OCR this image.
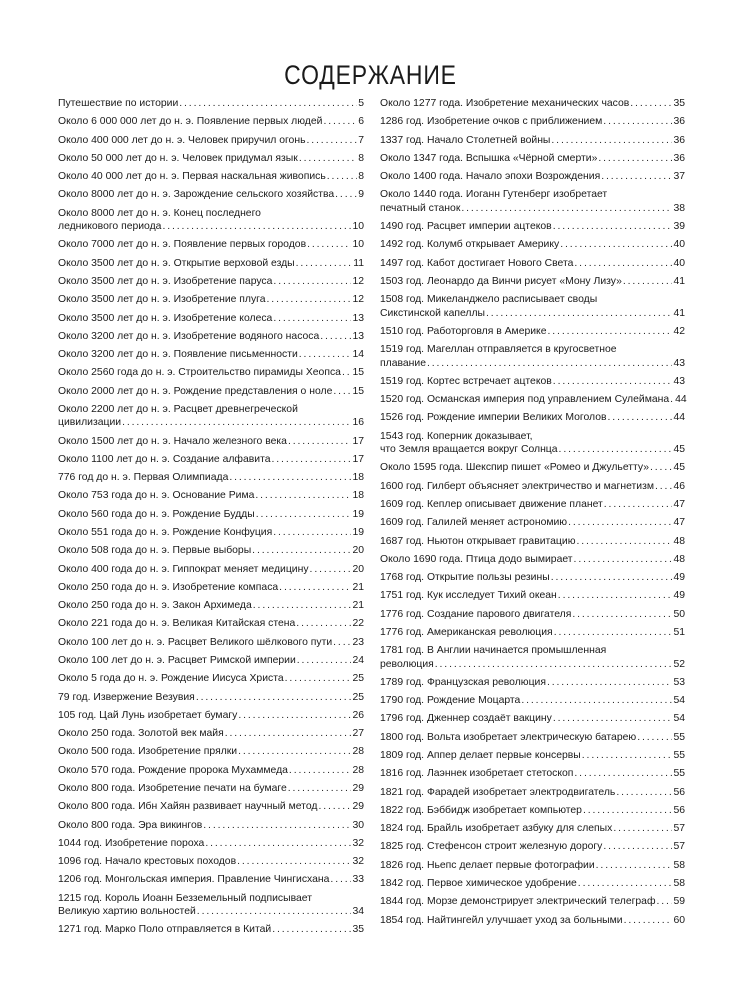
СОДЕРЖАНИЕ
Путешествие по истории . . .	5
Около 6 000 000 лет до н. э. Появление первых людей . . .	6
Около 400 000 лет до н. э. Человек приручил огонь . . .	7
Около 50 000 лет до н. э. Человек придумал язык . . .	8
Около 40 000 лет до н. э. Первая наскальная живопись . . .	8
Около 8000 лет до н. э. Зарождение сельского хозяйства . . . 9
Около 8000 лет до н. э. Конец последнего
ледникового периода . . .	10
Около 7000 лет до н. э. Появление первых городов . . .	10
Около 3500 лет до н. э. Открытие верховой езды . . .	11
Около 3500 лет до н. э. Изобретение паруса . . .	12
Около 3500 лет до н. э. Изобретение плуга . . .	12
Около 3500 лет до н. э. Изобретение колеса . . .	13
Около 3200 лет до н. э. Изобретение водяного насоса . . .	13
Около 3200 лет до н. э. Появление письменности . . .	14
Около 2560 года до н. э. Строительство пирамиды Хеопса . . . 15
Около 2000 лет до н. э. Рождение представления о ноле . . . 15
Около 2200 лет до н. э. Расцвет древнегреческой
цивилизации . . .	16
Около 1500 лет до н. э. Начало железного века . . .	17
Около 1100 лет до н. э. Создание алфавита . . .	17
776 год до н. э. Первая Олимпиада . . .	18
Около 753 года до н. э. Основание Рима . . .	18
Около 560 года до н. э. Рождение Будды . . .	19
Около 551 года до н. э. Рождение Конфуция . . .	19
Около 508 года до н. э. Первые выборы . . .	20
Около 400 года до н. э. Гиппократ меняет медицину . . .	20
Около 250 года до н. э. Изобретение компаса . . .	21
Около 250 года до н. э. Закон Архимеда . . .	21
Около 221 года до н. э. Великая Китайская стена . . .	22
Около 100 лет до н. э. Расцвет Великого шёлкового пути . . . 23
Около 100 лет до н. э. Расцвет Римской империи . . .	24
Около 5 года до н. э. Рождение Иисуса Христа . . .	25
79 год. Извержение Везувия . . .	25
105 год. Цай Лунь изобретает бумагу . . .	26
Около 250 года. Золотой век майя . . .	27
Около 500 года. Изобретение прялки . . .	28
Около 570 года. Рождение пророка Мухаммеда . . .	28
Около 800 года. Изобретение печати на бумаге . . .	29
Около 800 года. Ибн Хайян развивает научный метод . . .	29
Около 800 года. Эра викингов . . .	30
1044 год. Изобретение пороха . . .	32
1096 год. Начало крестовых походов . . .	32
1206 год. Монгольская империя. Правление Чингисхана . . . 33
1215 год. Король Иоанн Безземельный подписывает
Великую хартию вольностей . . .	34
1271 год. Марко Поло отправляется в Китай . . .	35
Около 1277 года. Изобретение механических часов . . .	35
1286 год. Изобретение очков с приближением . . .	36
1337 год. Начало Столетней войны . . .	36
Около 1347 года. Вспышка «Чёрной смерти» . . .	36
Около 1400 года. Начало эпохи Возрождения . . .	37
Около 1440 года. Иоганн Гутенберг изобретает
печатный станок . . .	38
1490 год. Расцвет империи ацтеков . . .	39
1492 год. Колумб открывает Америку . . .	40
1497 год. Кабот достигает Нового Света . . .	40
1503 год. Леонардо да Винчи рисует «Мону Лизу» . . .	41
1508 год. Микеланджело расписывает своды
Сикстинской капеллы . . .	41
1510 год. Работорговля в Америке . . .	42
1519 год. Магеллан отправляется в кругосветное
плавание . . .	43
1519 год. Кортес встречает ацтеков . . .	43
1520 год. Османская империя под управлением Сулеймана . . . 44
1526 год. Рождение империи Великих Моголов . . .	44
1543 год. Коперник доказывает,
что Земля вращается вокруг Солнца . . .	45
Около 1595 года. Шекспир пишет «Ромео и Джульетту» . . . 45
1600 год. Гилберт объясняет электричество и магнетизм . . . 46
1609 год. Кеплер описывает движение планет . . .	47
1609 год. Галилей меняет астрономию . . .	47
1687 год. Ньютон открывает гравитацию . . .	48
Около 1690 года. Птица додо вымирает . . .	48
1768 год. Открытие пользы резины . . .	49
1751 год. Кук исследует Тихий океан . . .	49
1776 год. Создание парового двигателя . . .	50
1776 год. Американская революция . . .	51
1781 год. В Англии начинается промышленная
революция . . .	52
1789 год. Французская революция . . .	53
1790 год. Рождение Моцарта . . .	54
1796 год. Дженнер создаёт вакцину . . .	54
1800 год. Вольта изобретает электрическую батарею . . .	55
1809 год. Аппер делает первые консервы . . .	55
1816 год. Лаэннек изобретает стетоскоп . . .	55
1821 год. Фарадей изобретает электродвигатель . . .	56
1822 год. Бэббидж изобретает компьютер . . .	56
1824 год. Брайль изобретает азбуку для слепых . . .	57
1825 год. Стефенсон строит железную дорогу . . .	57
1826 год. Ньепс делает первые фотографии . . .	58
1842 год. Первое химическое удобрение . . .	58
1844 год. Морзе демонстрирует электрический телеграф . . . 59
1854 год. Найтингейл улучшает уход за больными . . .	60
